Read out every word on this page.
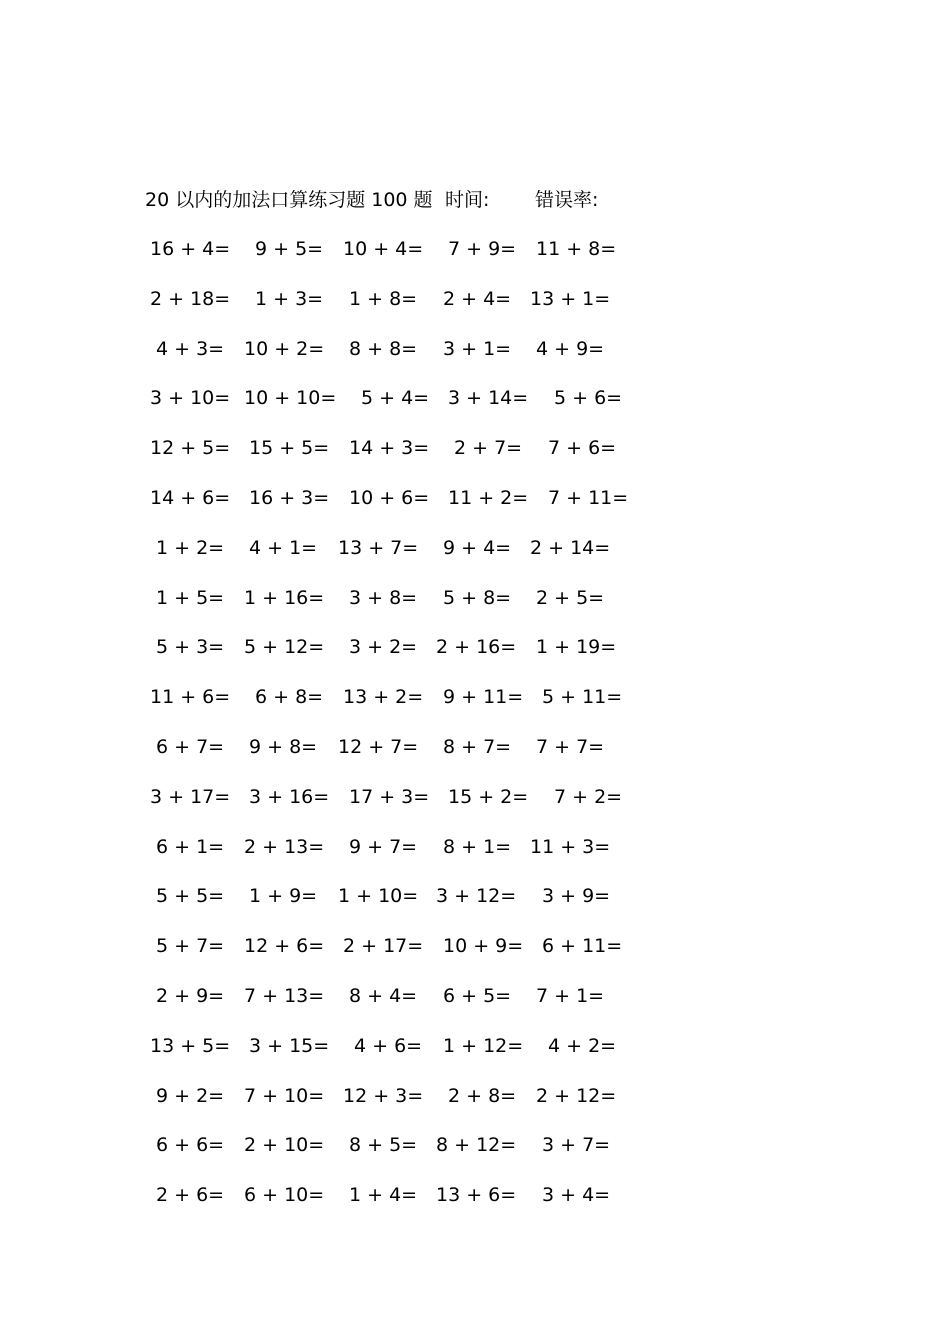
20 以内的加法口算练习题 100 题 时间: 错误率:
16 + 4= 9 + 5= 10 + 4= 7 + 9= 11 + 8=
2 + 18= 1 + 3= 1 + 8= 2 + 4= 13 + 1=
4 + 3= 10 + 2= 8 + 8= 3 + 1= 4 + 9=
3 + 10= 10 + 10= 5 + 4= 3 + 14= 5 + 6=
12 + 5= 15 + 5= 14 + 3= 2 + 7= 7 + 6=
14 + 6= 16 + 3= 10 + 6= 11 + 2= 7 + 11=
1 + 2= 4 + 1= 13 + 7= 9 + 4= 2 + 14=
1 + 5= 1 + 16= 3 + 8= 5 + 8= 2 + 5=
5 + 3= 5 + 12= 3 + 2= 2 + 16= 1 + 19=
11 + 6= 6 + 8= 13 + 2= 9 + 11= 5 + 11=
6 + 7= 9 + 8= 12 + 7= 8 + 7= 7 + 7=
3 + 17= 3 + 16= 17 + 3= 15 + 2= 7 + 2=
6 + 1= 2 + 13= 9 + 7= 8 + 1= 11 + 3=
5 + 5= 1 + 9= 1 + 10= 3 + 12= 3 + 9=
5 + 7= 12 + 6= 2 + 17= 10 + 9= 6 + 11=
2 + 9= 7 + 13= 8 + 4= 6 + 5= 7 + 1=
13 + 5= 3 + 15= 4 + 6= 1 + 12= 4 + 2=
9 + 2= 7 + 10= 12 + 3= 2 + 8= 2 + 12=
6 + 6= 2 + 10= 8 + 5= 8 + 12= 3 + 7=
2 + 6= 6 + 10= 1 + 4= 13 + 6= 3 + 4=
